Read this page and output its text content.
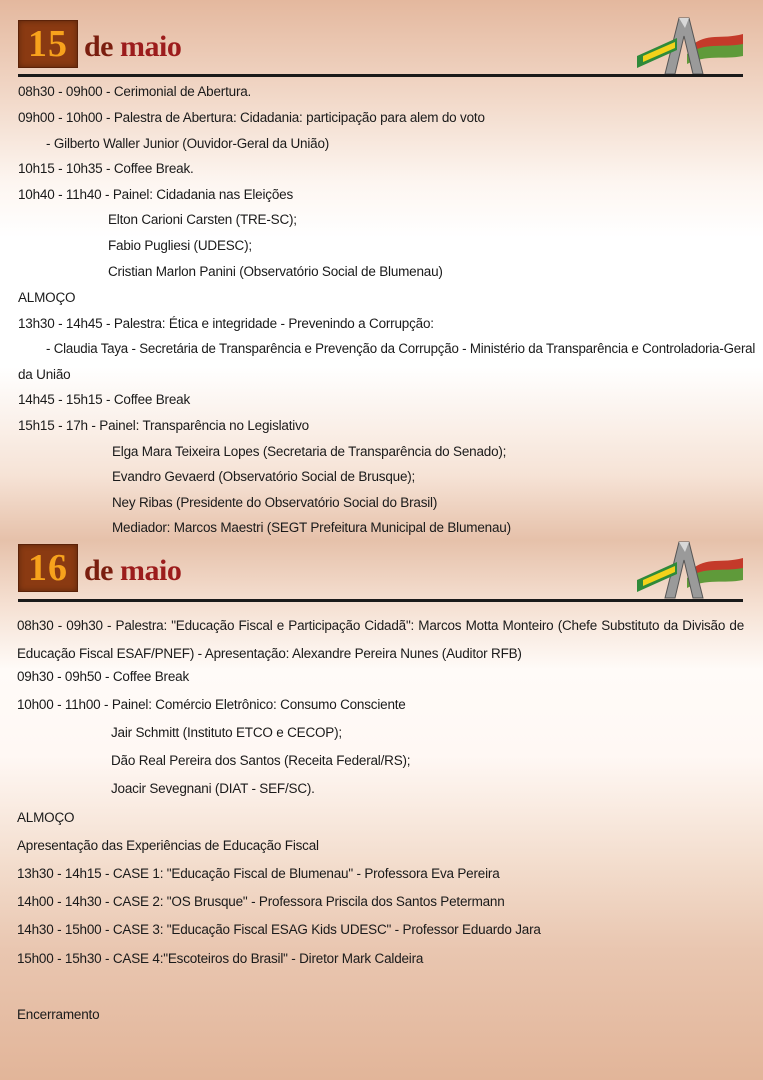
15 de maio
08h30 - 09h00 - Cerimonial de Abertura.
09h00 - 10h00 - Palestra de Abertura: Cidadania: participação para alem do voto
- Gilberto Waller Junior (Ouvidor-Geral da União)
10h15 - 10h35 - Coffee Break.
10h40 - 11h40 - Painel: Cidadania nas Eleições
Elton Carioni Carsten (TRE-SC);
Fabio Pugliesi (UDESC);
Cristian Marlon Panini (Observatório Social de Blumenau)
ALMOÇO
13h30 - 14h45 - Palestra: Ética e integridade - Prevenindo a Corrupção:
- Claudia Taya - Secretária de Transparência e Prevenção da Corrupção - Ministério da Transparência e Controladoria-Geral
da União
14h45 - 15h15 - Coffee Break
15h15 - 17h - Painel: Transparência no Legislativo
Elga Mara Teixeira Lopes (Secretaria de Transparência do Senado);
Evandro Gevaerd (Observatório Social de Brusque);
Ney Ribas (Presidente do Observatório Social do Brasil)
Mediador: Marcos Maestri (SEGT Prefeitura Municipal de Blumenau)
16 de maio
08h30 - 09h30 - Palestra: "Educação Fiscal e Participação Cidadã": Marcos Motta Monteiro (Chefe Substituto da Divisão de Educação Fiscal ESAF/PNEF) - Apresentação: Alexandre Pereira Nunes (Auditor RFB)
09h30 - 09h50 - Coffee Break
10h00 - 11h00 - Painel: Comércio Eletrônico: Consumo Consciente
Jair Schmitt (Instituto ETCO e CECOP);
Dão Real Pereira dos Santos (Receita Federal/RS);
Joacir Sevegnani (DIAT - SEF/SC).
ALMOÇO
Apresentação das Experiências de Educação Fiscal
13h30 - 14h15 - CASE 1: "Educação Fiscal de Blumenau" - Professora Eva Pereira
14h00 - 14h30 - CASE 2: "OS Brusque" - Professora Priscila dos Santos Petermann
14h30 - 15h00 - CASE 3: "Educação Fiscal ESAG Kids UDESC" - Professor Eduardo Jara
15h00 - 15h30 - CASE 4:"Escoteiros do Brasil" - Diretor Mark Caldeira
Encerramento
